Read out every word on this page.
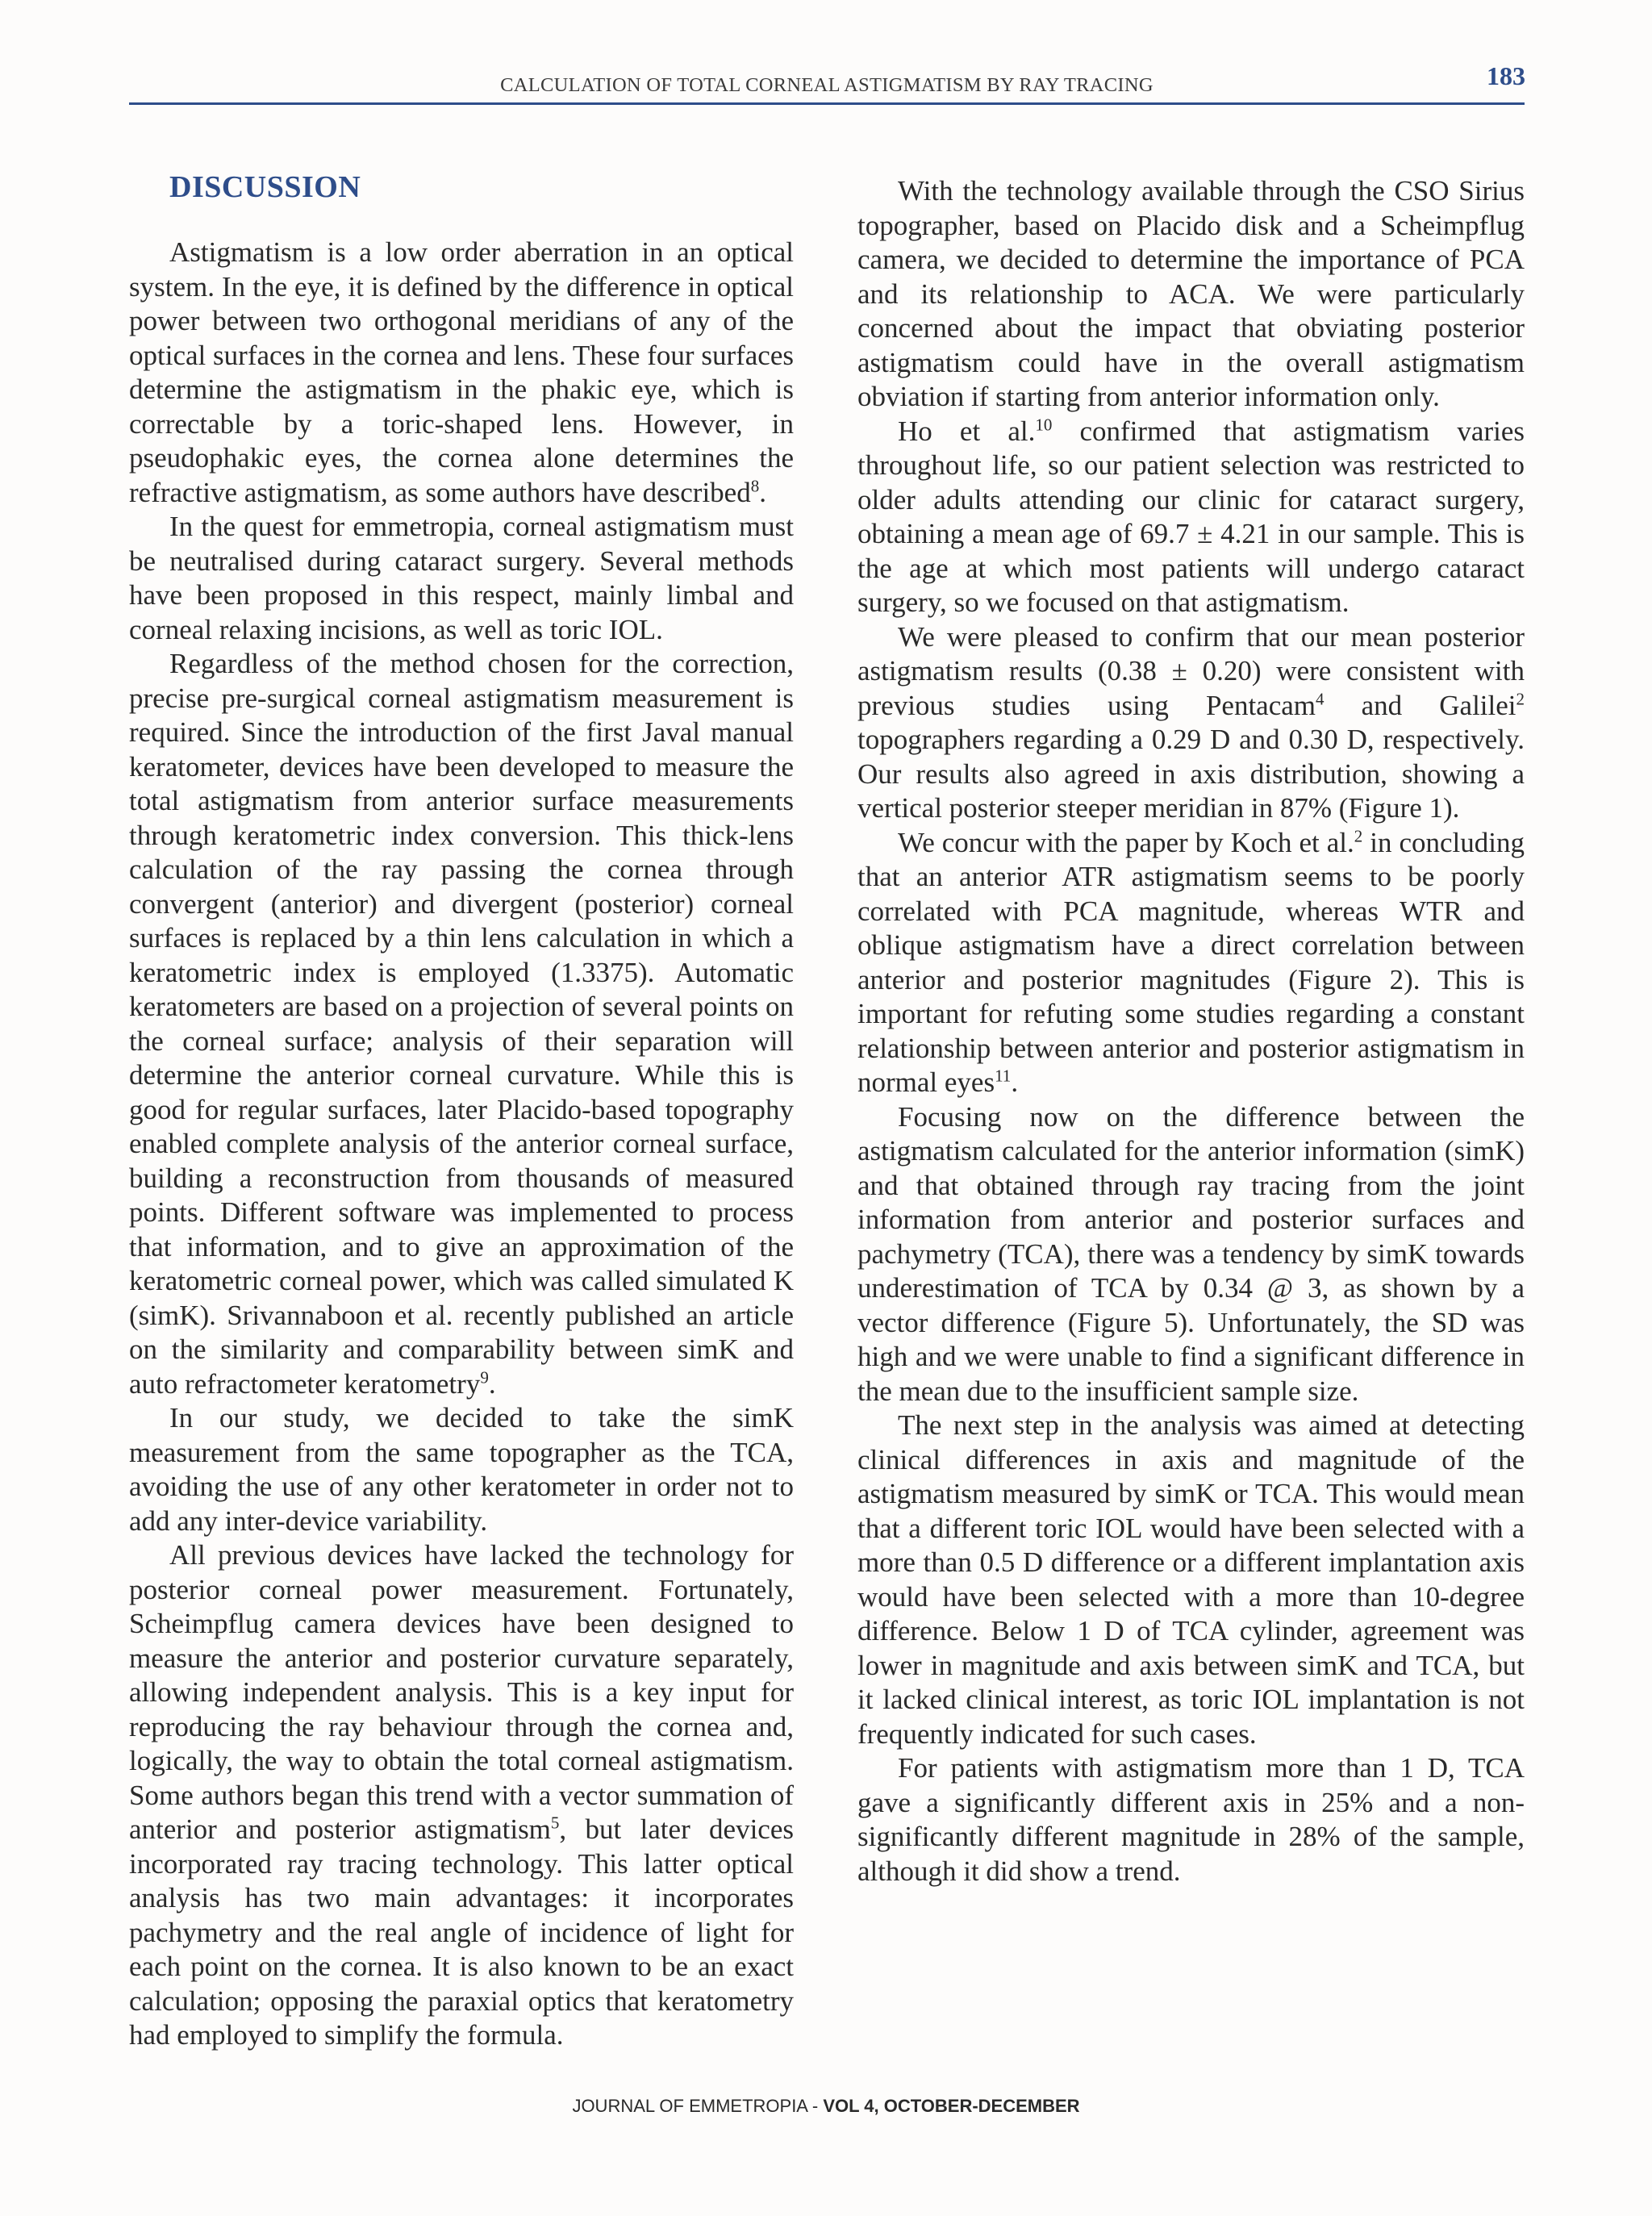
CALCULATION OF TOTAL CORNEAL ASTIGMATISM BY RAY TRACING	183
DISCUSSION

Astigmatism is a low order aberration in an optical system. In the eye, it is defined by the difference in optical power between two orthogonal meridians of any of the optical surfaces in the cornea and lens. These four surfaces determine the astigmatism in the phakic eye, which is correctable by a toric-shaped lens. However, in pseudophakic eyes, the cornea alone determines the refractive astigmatism, as some authors have described$^8$.

In the quest for emmetropia, corneal astigmatism must be neutralised during cataract surgery. Several methods have been proposed in this respect, mainly limbal and corneal relaxing incisions, as well as toric IOL.

Regardless of the method chosen for the correction, precise pre-surgical corneal astigmatism measurement is required. Since the introduction of the first Javal manual keratometer, devices have been developed to measure the total astigmatism from anterior surface measurements through keratometric index conversion. This thick-lens calculation of the ray passing the cornea through convergent (anterior) and divergent (posterior) corneal surfaces is replaced by a thin lens calculation in which a keratometric index is employed (1.3375). Automatic keratometers are based on a projection of several points on the corneal surface; analysis of their separation will determine the anterior corneal curvature. While this is good for regular surfaces, later Placido-based topography enabled complete analysis of the anterior corneal surface, building a reconstruction from thousands of measured points. Different software was implemented to process that information, and to give an approximation of the keratometric corneal power, which was called simulated K (simK). Srivannaboon et al. recently published an article on the similarity and comparability between simK and auto refractometer keratometry$^9$.

In our study, we decided to take the simK measurement from the same topographer as the TCA, avoiding the use of any other keratometer in order not to add any inter-device variability.

All previous devices have lacked the technology for posterior corneal power measurement. Fortunately, Scheimpflug camera devices have been designed to measure the anterior and posterior curvature separately, allowing independent analysis. This is a key input for reproducing the ray behaviour through the cornea and, logically, the way to obtain the total corneal astigmatism. Some authors began this trend with a vector summation of anterior and posterior astigmatism$^5$, but later devices incorporated ray tracing technology. This latter optical analysis has two main advantages: it incorporates pachymetry and the real angle of incidence of light for each point on the cornea. It is also known to be an exact calculation; opposing the paraxial optics that keratometry had employed to simplify the formula.

With the technology available through the CSO Sirius topographer, based on Placido disk and a Scheimpflug camera, we decided to determine the importance of PCA and its relationship to ACA. We were particularly concerned about the impact that obviating posterior astigmatism could have in the overall astigmatism obviation if starting from anterior information only.

Ho et al.$^{10}$ confirmed that astigmatism varies throughout life, so our patient selection was restricted to older adults attending our clinic for cataract surgery, obtaining a mean age of 69.7 ± 4.21 in our sample. This is the age at which most patients will undergo cataract surgery, so we focused on that astigmatism.

We were pleased to confirm that our mean posterior astigmatism results (0.38 ± 0.20) were consistent with previous studies using Pentacam$^4$ and Galilei$^2$ topographers regarding a 0.29 D and 0.30 D, respectively. Our results also agreed in axis distribution, showing a vertical posterior steeper meridian in 87% (Figure 1).

We concur with the paper by Koch et al.$^2$ in concluding that an anterior ATR astigmatism seems to be poorly correlated with PCA magnitude, whereas WTR and oblique astigmatism have a direct correlation between anterior and posterior magnitudes (Figure 2). This is important for refuting some studies regarding a constant relationship between anterior and posterior astigmatism in normal eyes$^{11}$.

Focusing now on the difference between the astigmatism calculated for the anterior information (simK) and that obtained through ray tracing from the joint information from anterior and posterior surfaces and pachymetry (TCA), there was a tendency by simK towards underestimation of TCA by 0.34 @ 3, as shown by a vector difference (Figure 5). Unfortunately, the SD was high and we were unable to find a significant difference in the mean due to the insufficient sample size.

The next step in the analysis was aimed at detecting clinical differences in axis and magnitude of the astigmatism measured by simK or TCA. This would mean that a different toric IOL would have been selected with a more than 0.5 D difference or a different implantation axis would have been selected with a more than 10-degree difference. Below 1 D of TCA cylinder, agreement was lower in magnitude and axis between simK and TCA, but it lacked clinical interest, as toric IOL implantation is not frequently indicated for such cases.

For patients with astigmatism more than 1 D, TCA gave a significantly different axis in 25% and a non-significantly different magnitude in 28% of the sample, although it did show a trend.

JOURNAL OF EMMETROPIA - VOL 4, OCTOBER-DECEMBER
